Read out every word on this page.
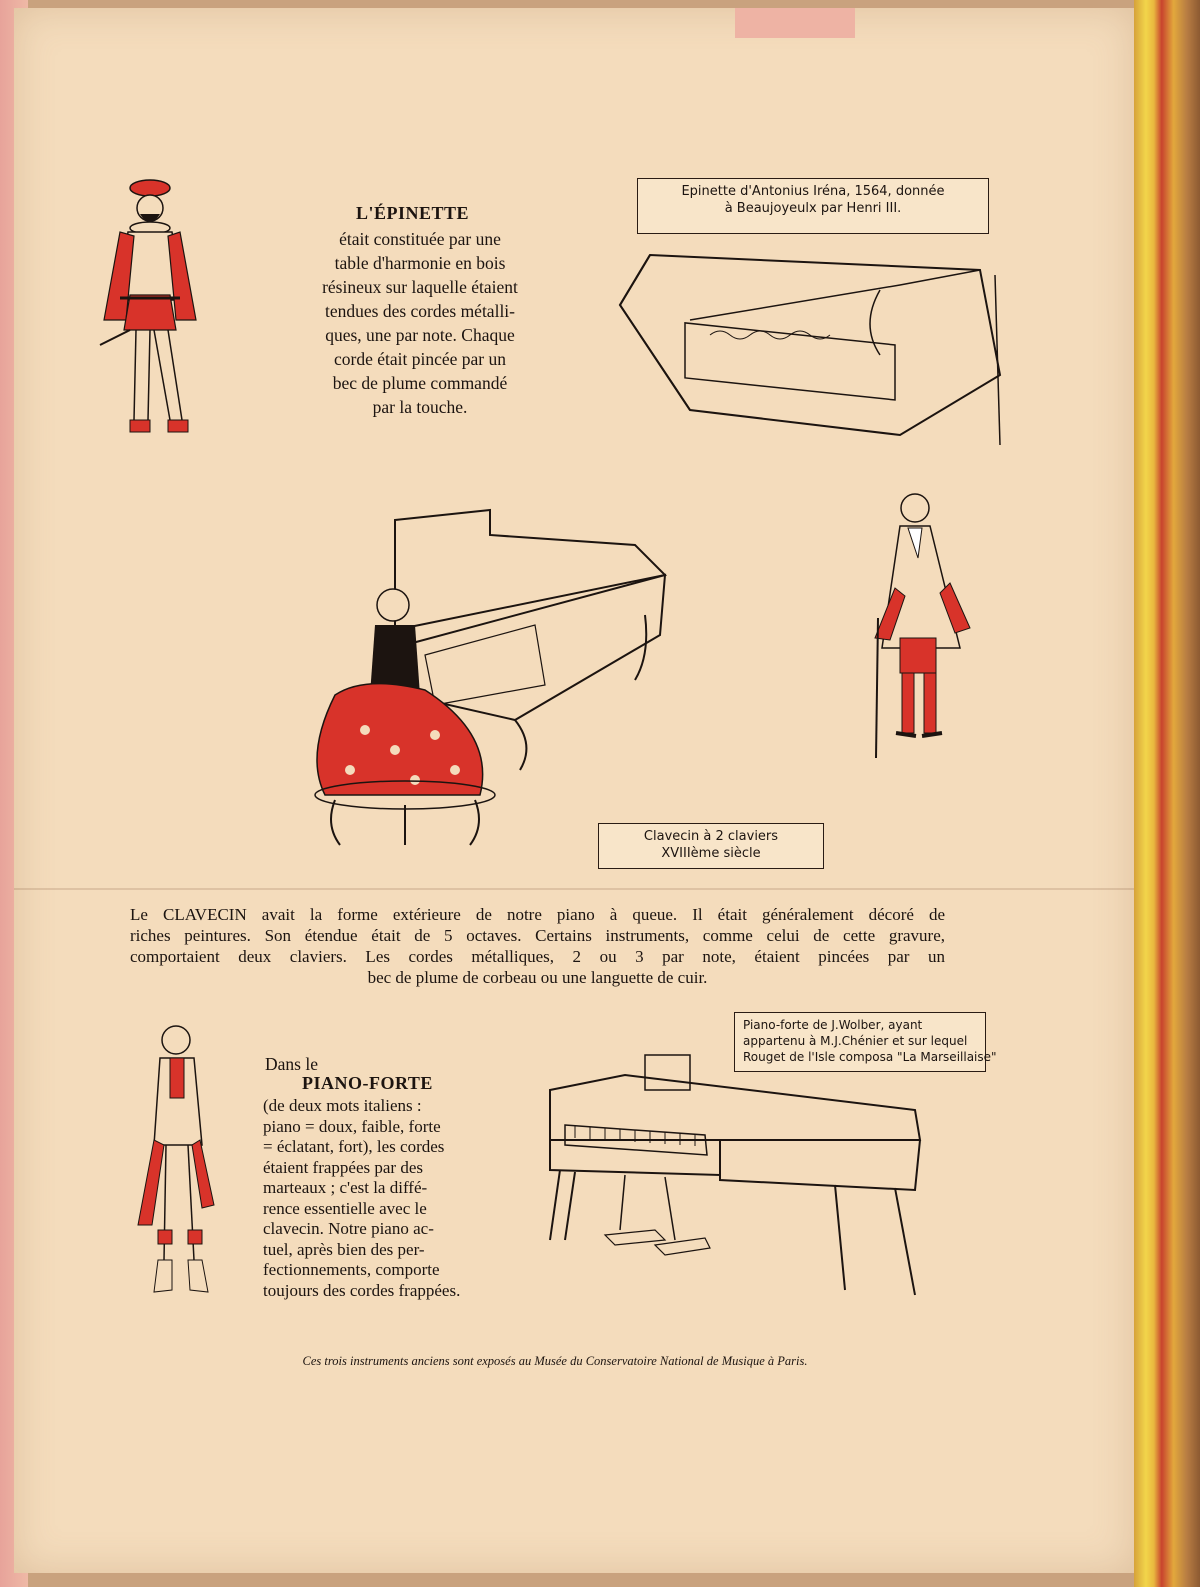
L'ÉPINETTE
était constituée par une
table d'harmonie en bois
résineux sur laquelle étaient
tendues des cordes métalli-
ques, une par note. Chaque
corde était pincée par un
bec de plume commandé
par la touche.
Epinette d'Antonius Iréna, 1564, donnée
à Beaujoyeulx par Henri III.
Clavecin à 2 claviers
XVIIIème siècle
Le CLAVECIN avait la forme extérieure de notre piano à queue. Il était généralement décoré de
riches peintures. Son étendue était de 5 octaves. Certains instruments, comme celui de cette gravure,
comportaient deux claviers. Les cordes métalliques, 2 ou 3 par note, étaient pincées par un
bec de plume de corbeau ou une languette de cuir.
Dans le
PIANO-FORTE
(de deux mots italiens :
piano = doux, faible, forte
= éclatant, fort), les cordes
étaient frappées par des
marteaux ; c'est la diffé-
rence essentielle avec le
clavecin. Notre piano ac-
tuel, après bien des per-
fectionnements, comporte
toujours des cordes frappées.
Piano-forte de J.Wolber, ayant
appartenu à M.J.Chénier et sur lequel
Rouget de l'Isle composa "La Marseillaise"
Ces trois instruments anciens sont exposés au Musée du Conservatoire National de Musique à Paris.
